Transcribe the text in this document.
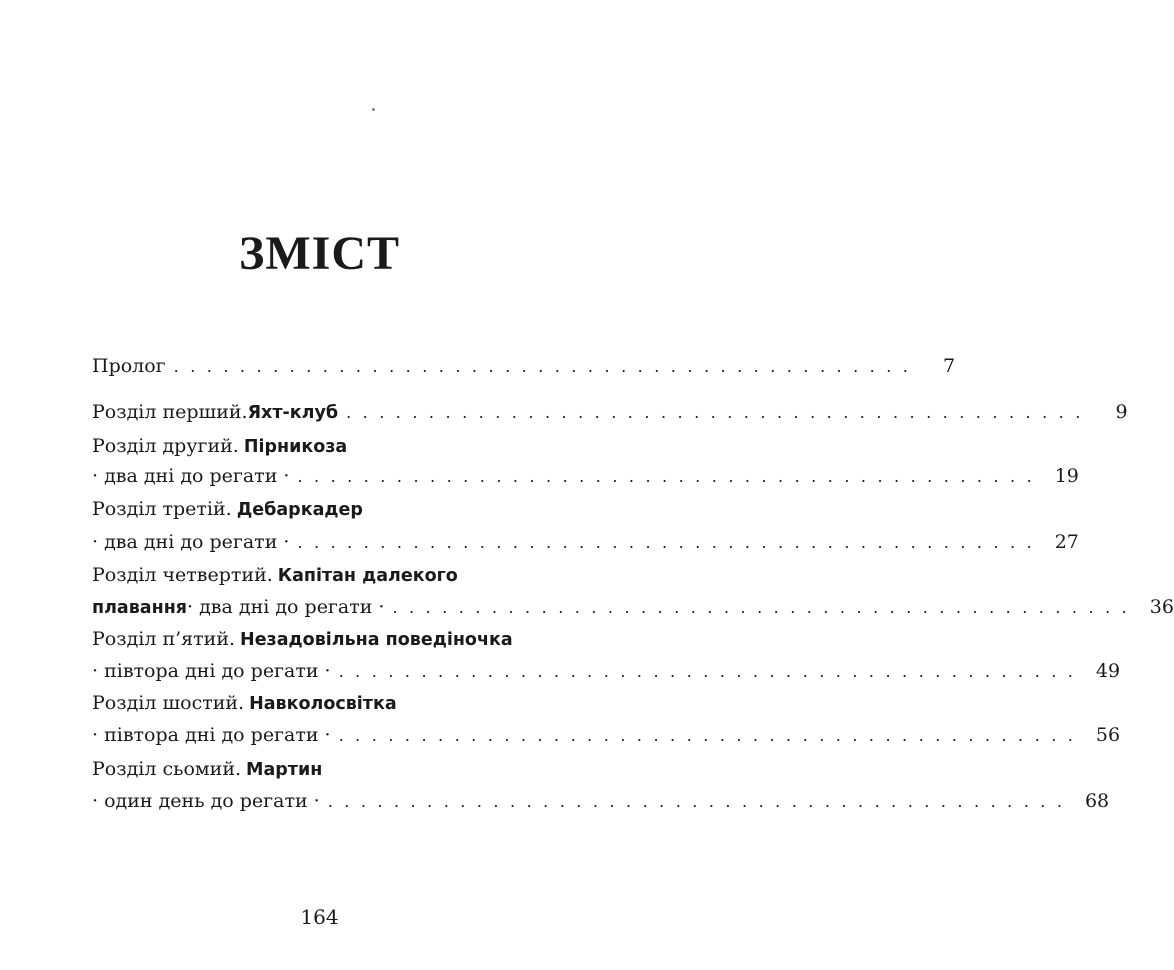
ЗМІСТ
Пролог . . . . . . . . . . . . . . . . . . . . . . . . . . . . . . . . . . . . . . . . . . . . .	7
Розділ перший. Яхт-клуб . . . . . . . . . . . . . . . . . . . . . . . . . . . . . . . . . . . . . . . . . . . . .	9
Розділ другий. Пірникоза
· два дні до регати · . . . . . . . . . . . . . . . . . . . . . . . . . . . . . . . . . . . . . . . . . . . . .	19
Розділ третій. Дебаркадер
· два дні до регати · . . . . . . . . . . . . . . . . . . . . . . . . . . . . . . . . . . . . . . . . . . . . .	27
Розділ четвертий. Капітан далекого
плавання · два дні до регати · . . . . . . . . . . . . . . . . . . . . . . . . . . . . . . . . . . . . . . . . . . . . .	36
Розділ п’ятий. Незадовільна поведіночка
· півтора дні до регати · . . . . . . . . . . . . . . . . . . . . . . . . . . . . . . . . . . . . . . . . . . . . .	49
Розділ шостий. Навколосвітка
· півтора дні до регати · . . . . . . . . . . . . . . . . . . . . . . . . . . . . . . . . . . . . . . . . . . . . .	56
Розділ сьомий. Мартин
· один день до регати · . . . . . . . . . . . . . . . . . . . . . . . . . . . . . . . . . . . . . . . . . . . . .	68
164
